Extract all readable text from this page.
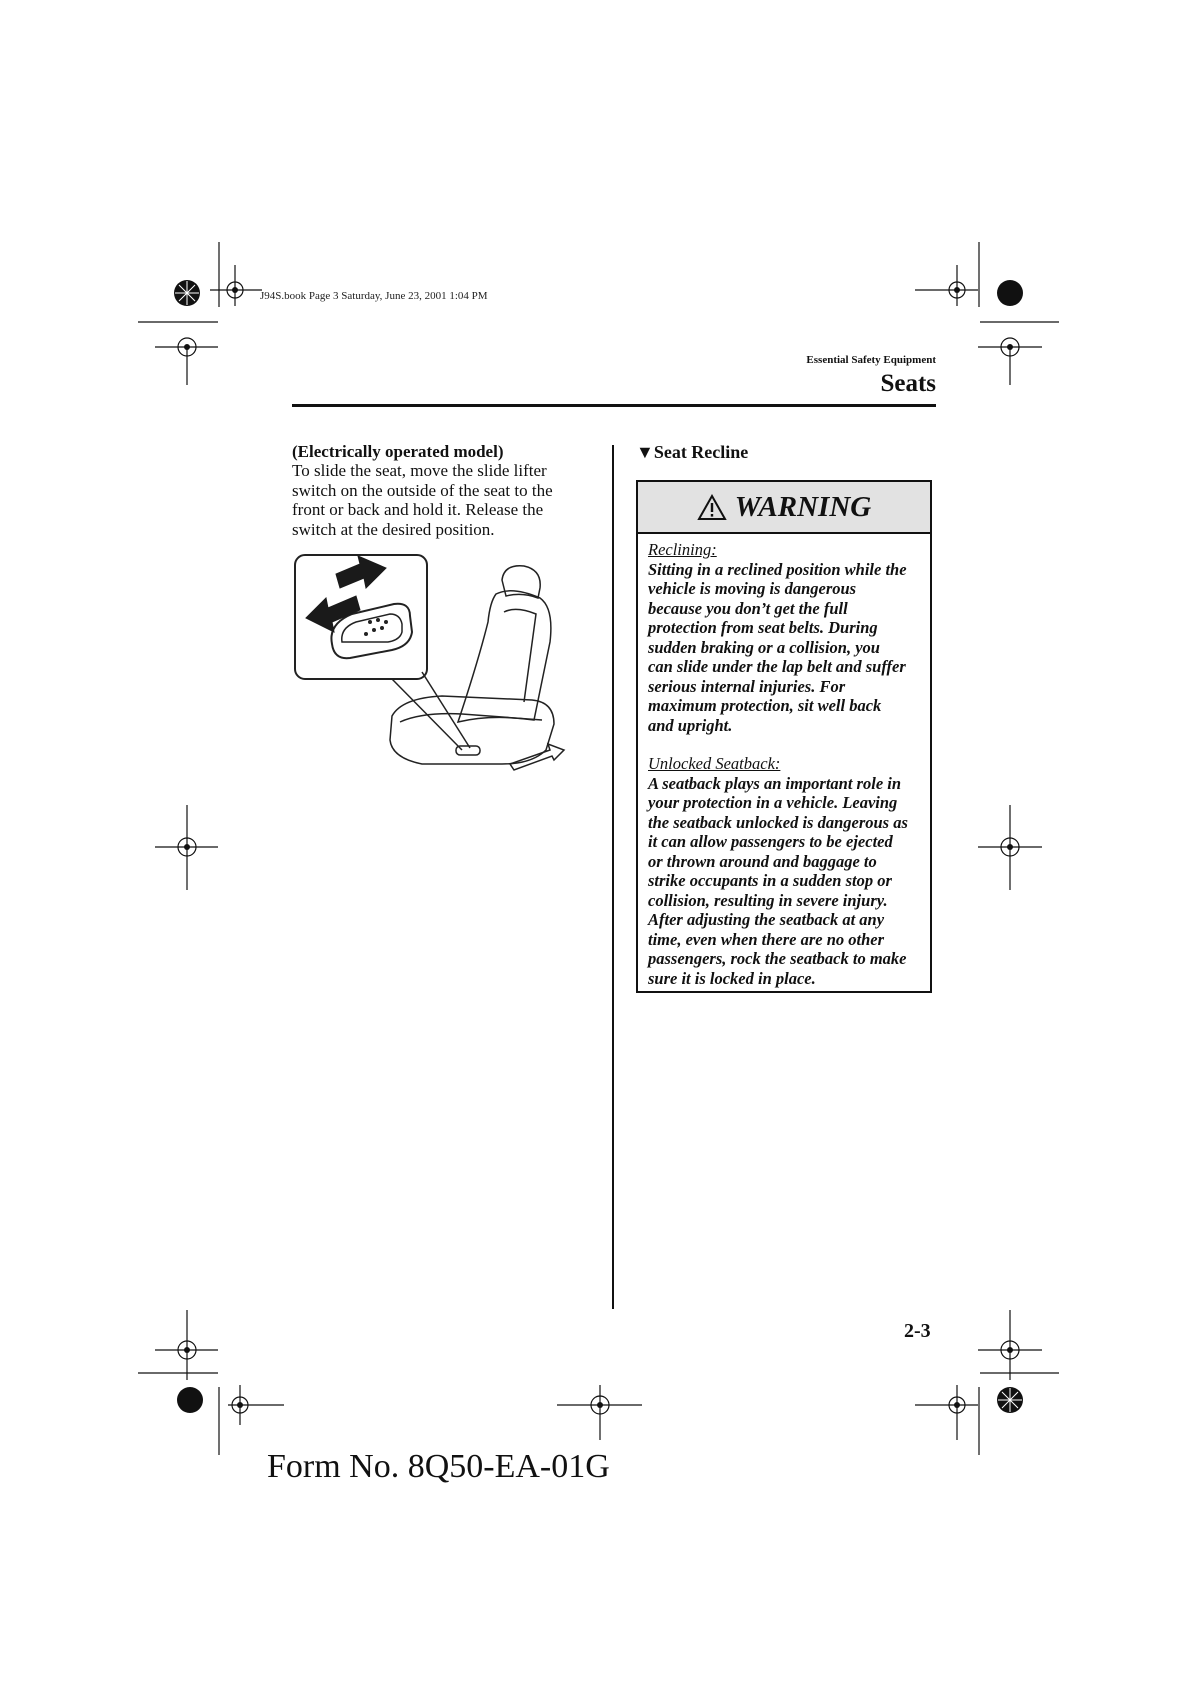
J94S.book Page 3 Saturday, June 23, 2001 1:04 PM
Essential Safety Equipment
Seats
(Electrically operated model)
To slide the seat, move the slide lifter
switch on the outside of the seat to the
front or back and hold it. Release the
switch at the desired position.
▼Seat Recline
WARNING
Reclining:
Sitting in a reclined position while the
vehicle is moving is dangerous
because you don’t get the full
protection from seat belts. During
sudden braking or a collision, you
can slide under the lap belt and suffer
serious internal injuries. For
maximum protection, sit well back
and upright.
Unlocked Seatback:
A seatback plays an important role in
your protection in a vehicle. Leaving
the seatback unlocked is dangerous as
it can allow passengers to be ejected
or thrown around and baggage to
strike occupants in a sudden stop or
collision, resulting in severe injury.
After adjusting the seatback at any
time, even when there are no other
passengers, rock the seatback to make
sure it is locked in place.
2-3
Form No. 8Q50-EA-01G
